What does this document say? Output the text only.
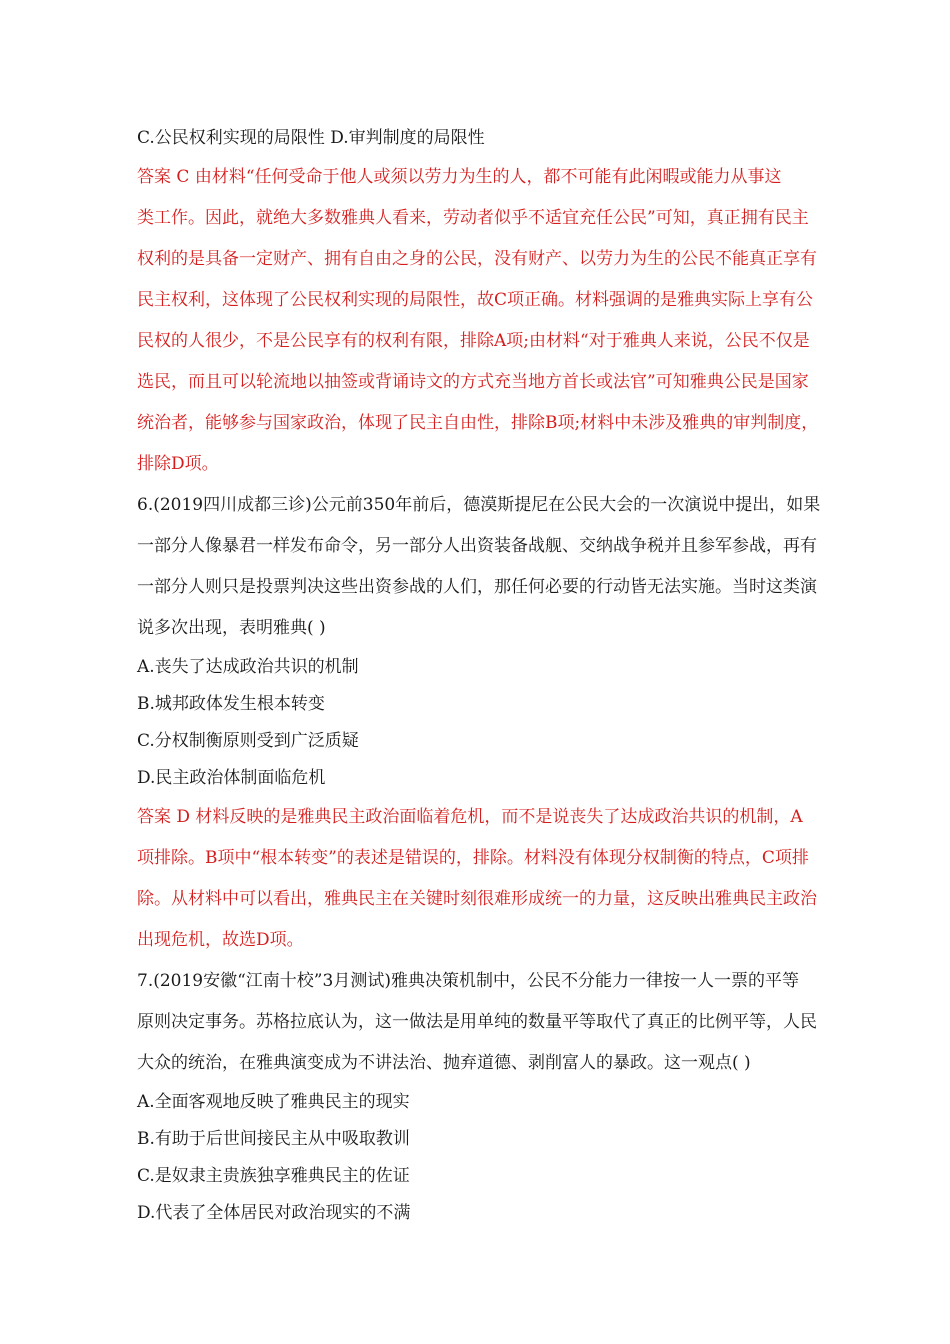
C.公民权利实现的局限性 D.审判制度的局限性
答案 C 由材料“任何受命于他人或须以劳力为生的人，都不可能有此闲暇或能力从事这
类工作。因此，就绝大多数雅典人看来，劳动者似乎不适宜充任公民”可知，真正拥有民主
权利的是具备一定财产、拥有自由之身的公民，没有财产、以劳力为生的公民不能真正享有
民主权利，这体现了公民权利实现的局限性，故C项正确。材料强调的是雅典实际上享有公
民权的人很少，不是公民享有的权利有限，排除A项;由材料“对于雅典人来说，公民不仅是
选民，而且可以轮流地以抽签或背诵诗文的方式充当地方首长或法官”可知雅典公民是国家
统治者，能够参与国家政治，体现了民主自由性，排除B项;材料中未涉及雅典的审判制度，
排除D项。
6.(2019四川成都三诊)公元前350年前后，德漠斯提尼在公民大会的一次演说中提出，如果
一部分人像暴君一样发布命令，另一部分人出资装备战舰、交纳战争税并且参军参战，再有
一部分人则只是投票判决这些出资参战的人们，那任何必要的行动皆无法实施。当时这类演
说多次出现，表明雅典( )
A.丧失了达成政治共识的机制
B.城邦政体发生根本转变
C.分权制衡原则受到广泛质疑
D.民主政治体制面临危机
答案 D 材料反映的是雅典民主政治面临着危机，而不是说丧失了达成政治共识的机制，A
项排除。B项中“根本转变”的表述是错误的，排除。材料没有体现分权制衡的特点，C项排
除。从材料中可以看出，雅典民主在关键时刻很难形成统一的力量，这反映出雅典民主政治
出现危机，故选D项。
7.(2019安徽“江南十校”3月测试)雅典决策机制中，公民不分能力一律按一人一票的平等
原则决定事务。苏格拉底认为，这一做法是用单纯的数量平等取代了真正的比例平等，人民
大众的统治，在雅典演变成为不讲法治、抛弃道德、剥削富人的暴政。这一观点( )
A.全面客观地反映了雅典民主的现实
B.有助于后世间接民主从中吸取教训
C.是奴隶主贵族独享雅典民主的佐证
D.代表了全体居民对政治现实的不满
